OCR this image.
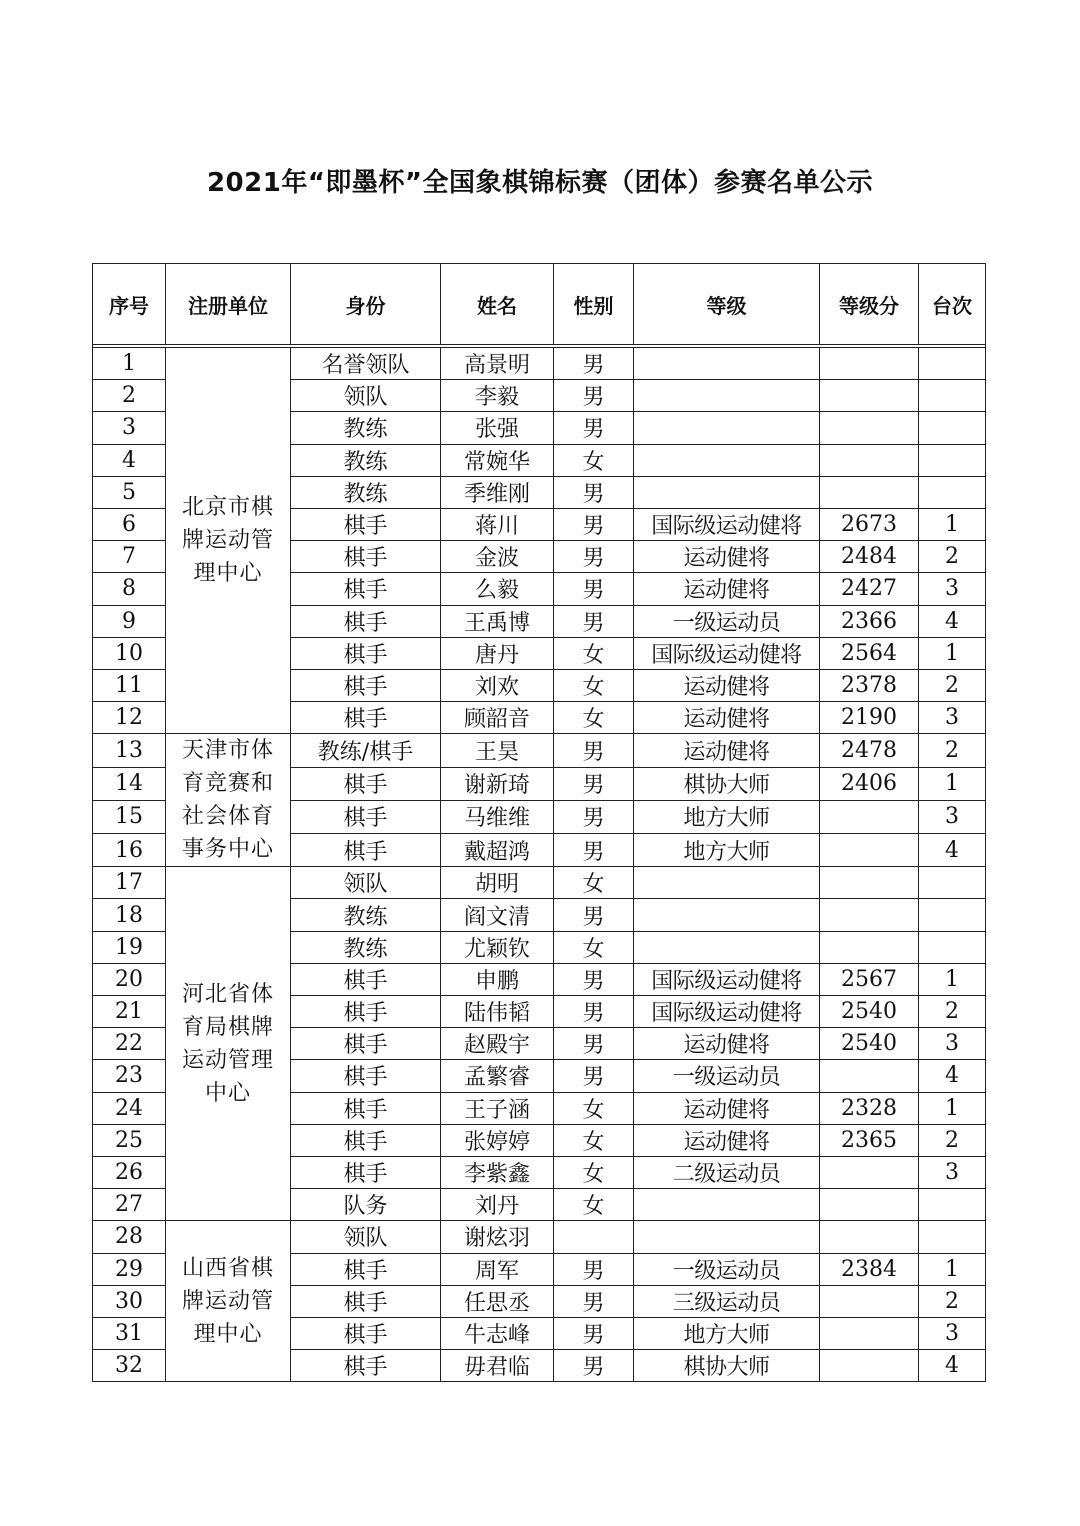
2021年“即墨杯”全国象棋锦标赛（团体）参赛名单公示
序号	注册单位	身份	姓名	性别	等级	等级分	台次

1	北京市棋牌运动管理中心	名誉领队	高景明	男			
2		领队	李毅	男			
3		教练	张强	男			
4		教练	常婉华	女			
5		教练	季维刚	男			
6		棋手	蒋川	男	国际级运动健将	2673	1
7		棋手	金波	男	运动健将	2484	2
8		棋手	么毅	男	运动健将	2427	3
9		棋手	王禹博	男	一级运动员	2366	4
10		棋手	唐丹	女	国际级运动健将	2564	1
11		棋手	刘欢	女	运动健将	2378	2
12		棋手	顾韶音	女	运动健将	2190	3
13	天津市体育竞赛和社会体育事务中心	教练/棋手	王昊	男	运动健将	2478	2
14		棋手	谢新琦	男	棋协大师	2406	1
15		棋手	马维维	男	地方大师		3
16		棋手	戴超鸿	男	地方大师		4
17	河北省体育局棋牌运动管理中心	领队	胡明	女			
18		教练	阎文清	男			
19		教练	尤颖钦	女			
20		棋手	申鹏	男	国际级运动健将	2567	1
21		棋手	陆伟韬	男	国际级运动健将	2540	2
22		棋手	赵殿宇	男	运动健将	2540	3
23		棋手	孟繁睿	男	一级运动员		4
24		棋手	王子涵	女	运动健将	2328	1
25		棋手	张婷婷	女	运动健将	2365	2
26		棋手	李紫鑫	女	二级运动员		3
27		队务	刘丹	女			
28	山西省棋牌运动管理中心	领队	谢炫羽				
29		棋手	周军	男	一级运动员	2384	1
30		棋手	任思丞	男	三级运动员		2
31		棋手	牛志峰	男	地方大师		3
32		棋手	毋君临	男	棋协大师		4
